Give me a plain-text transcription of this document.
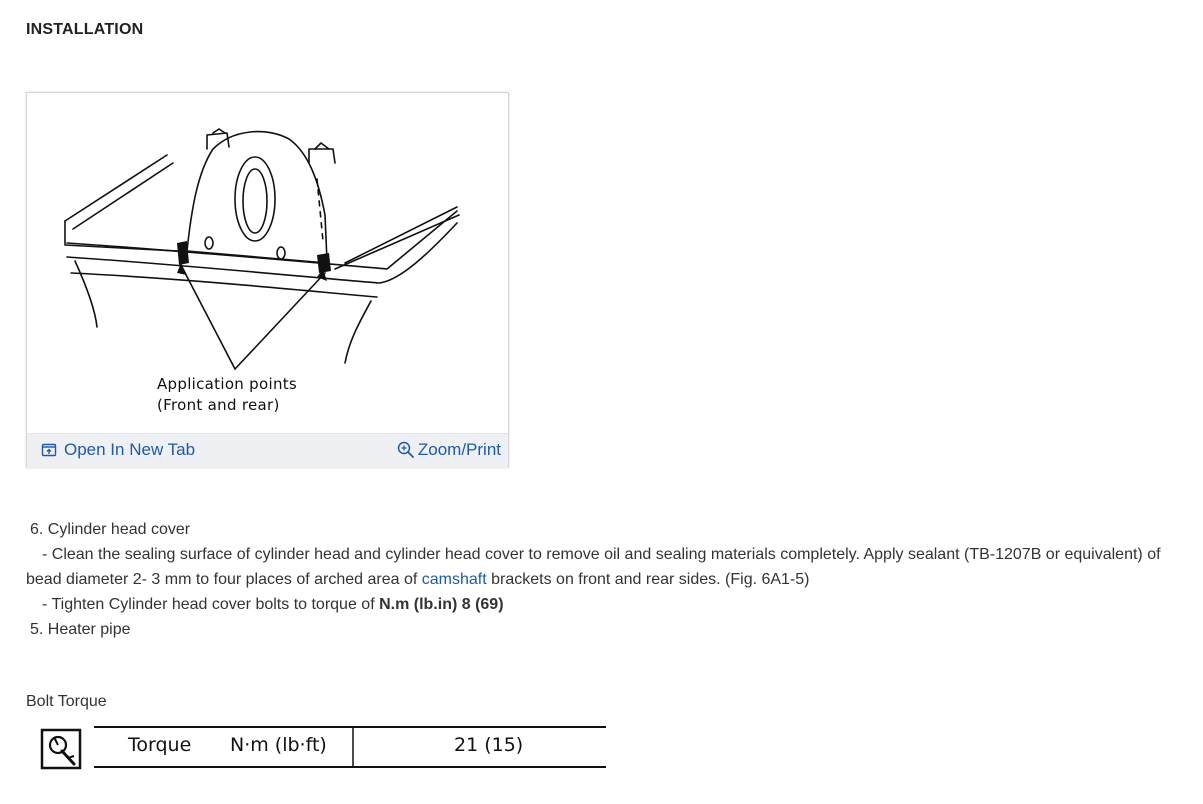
INSTALLATION
Application points
(Front and rear)
Open In New Tab	Zoom/Print

6. Cylinder head cover

- Clean the sealing surface of cylinder head and cylinder head cover to remove oil and sealing materials completely. Apply sealant (TB-1207B or equivalent) of bead diameter 2- 3 mm to four places of arched area of camshaft brackets on front and rear sides. (Fig. 6A1-5)

- Tighten Cylinder head cover bolts to torque of N.m (lb.in) 8 (69)

5. Heater pipe

Bolt Torque
Torque N·m (lb·ft)	21 (15)
